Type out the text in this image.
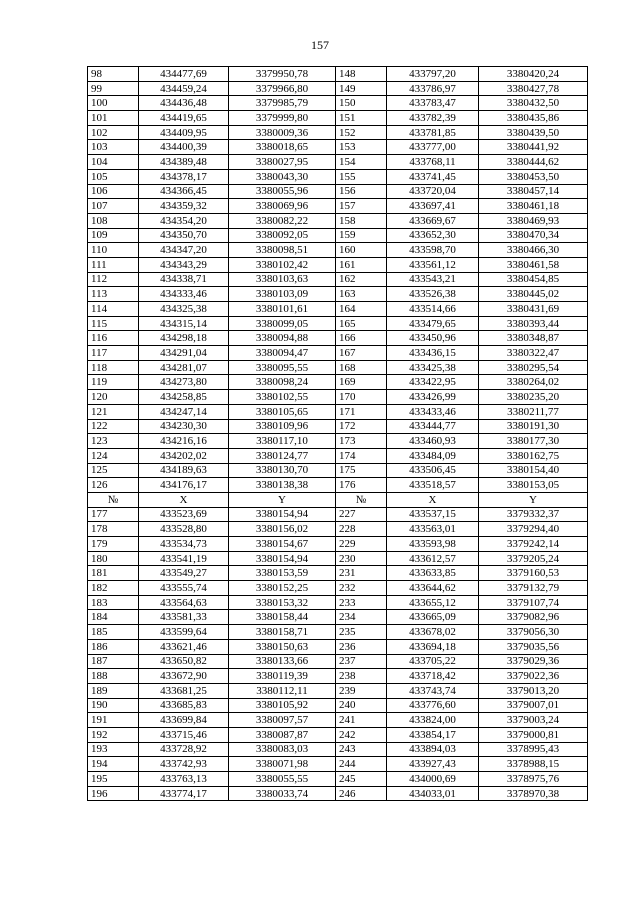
157
98	434477,69	3379950,78	148	433797,20	3380420,24
99	434459,24	3379966,80	149	433786,97	3380427,78
100	434436,48	3379985,79	150	433783,47	3380432,50
101	434419,65	3379999,80	151	433782,39	3380435,86
102	434409,95	3380009,36	152	433781,85	3380439,50
103	434400,39	3380018,65	153	433777,00	3380441,92
104	434389,48	3380027,95	154	433768,11	3380444,62
105	434378,17	3380043,30	155	433741,45	3380453,50
106	434366,45	3380055,96	156	433720,04	3380457,14
107	434359,32	3380069,96	157	433697,41	3380461,18
108	434354,20	3380082,22	158	433669,67	3380469,93
109	434350,70	3380092,05	159	433652,30	3380470,34
110	434347,20	3380098,51	160	433598,70	3380466,30
111	434343,29	3380102,42	161	433561,12	3380461,58
112	434338,71	3380103,63	162	433543,21	3380454,85
113	434333,46	3380103,09	163	433526,38	3380445,02
114	434325,38	3380101,61	164	433514,66	3380431,69
115	434315,14	3380099,05	165	433479,65	3380393,44
116	434298,18	3380094,88	166	433450,96	3380348,87
117	434291,04	3380094,47	167	433436,15	3380322,47
118	434281,07	3380095,55	168	433425,38	3380295,54
119	434273,80	3380098,24	169	433422,95	3380264,02
120	434258,85	3380102,55	170	433426,99	3380235,20
121	434247,14	3380105,65	171	433433,46	3380211,77
122	434230,30	3380109,96	172	433444,77	3380191,30
123	434216,16	3380117,10	173	433460,93	3380177,30
124	434202,02	3380124,77	174	433484,09	3380162,75
125	434189,63	3380130,70	175	433506,45	3380154,40
126	434176,17	3380138,38	176	433518,57	3380153,05
№	X	Y	№	X	Y
177	433523,69	3380154,94	227	433537,15	3379332,37
178	433528,80	3380156,02	228	433563,01	3379294,40
179	433534,73	3380154,67	229	433593,98	3379242,14
180	433541,19	3380154,94	230	433612,57	3379205,24
181	433549,27	3380153,59	231	433633,85	3379160,53
182	433555,74	3380152,25	232	433644,62	3379132,79
183	433564,63	3380153,32	233	433655,12	3379107,74
184	433581,33	3380158,44	234	433665,09	3379082,96
185	433599,64	3380158,71	235	433678,02	3379056,30
186	433621,46	3380150,63	236	433694,18	3379035,56
187	433650,82	3380133,66	237	433705,22	3379029,36
188	433672,90	3380119,39	238	433718,42	3379022,36
189	433681,25	3380112,11	239	433743,74	3379013,20
190	433685,83	3380105,92	240	433776,60	3379007,01
191	433699,84	3380097,57	241	433824,00	3379003,24
192	433715,46	3380087,87	242	433854,17	3379000,81
193	433728,92	3380083,03	243	433894,03	3378995,43
194	433742,93	3380071,98	244	433927,43	3378988,15
195	433763,13	3380055,55	245	434000,69	3378975,76
196	433774,17	3380033,74	246	434033,01	3378970,38
